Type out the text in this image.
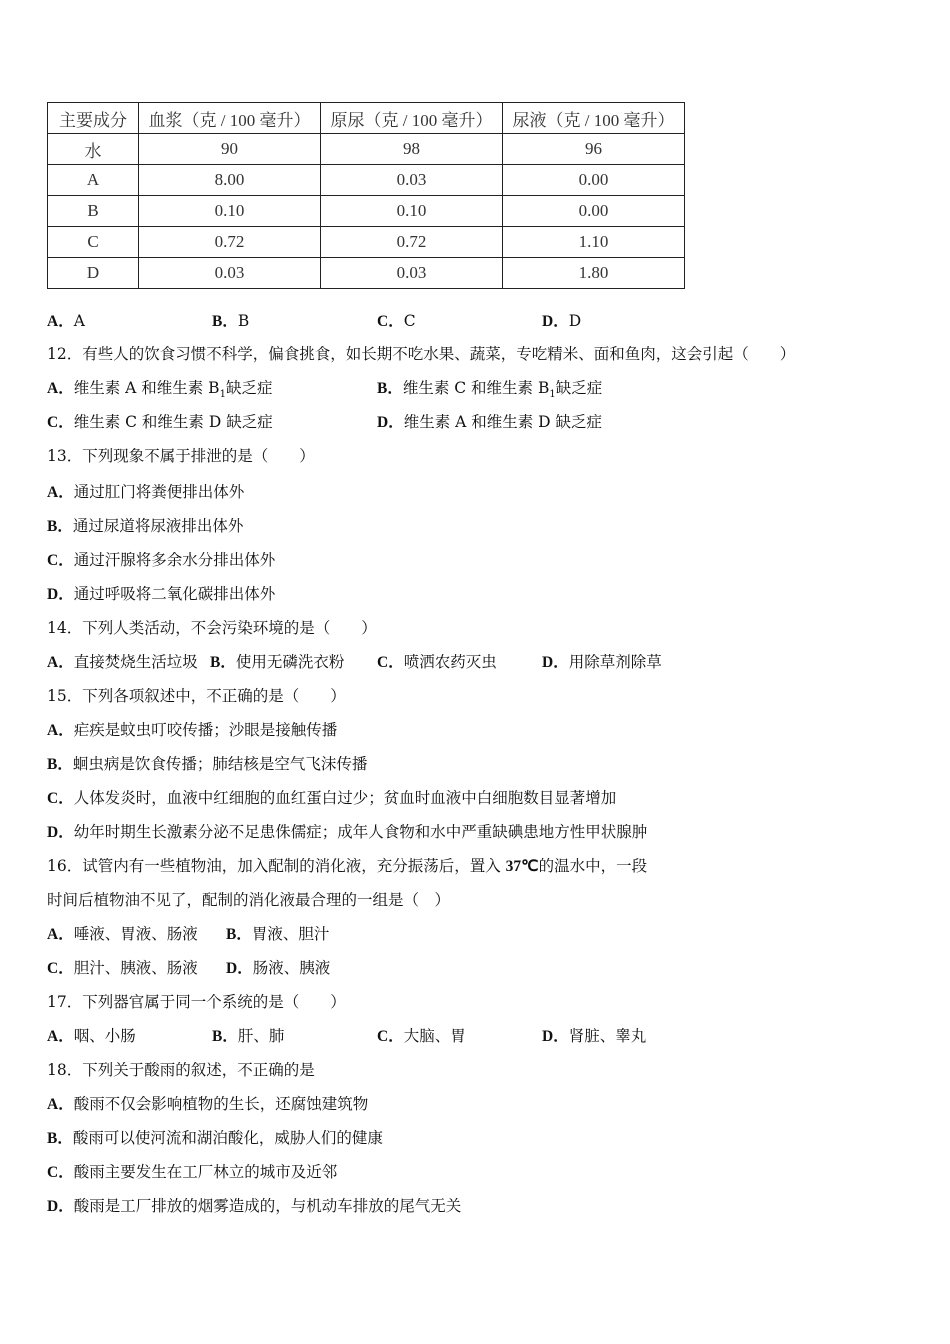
主要成分	血浆（克 / 100 毫升）	原尿（克 / 100 毫升）	尿液（克 / 100 毫升）
水	90	98	96
A	8.00	0.03	0.00
B	0.10	0.10	0.00
C	0.72	0.72	1.10
D	0.03	0.03	1.80
A．A	B．B	C．C	D．D
12．有些人的饮食习惯不科学，偏食挑食，如长期不吃水果、蔬菜，专吃精米、面和鱼肉，这会引起（　　）
A．维生素 A 和维生素 $B_1$缺乏症	B．维生素 C 和维生素 $B_1$缺乏症
C．维生素 C 和维生素 D 缺乏症	D．维生素 A 和维生素 D 缺乏症
13．下列现象不属于排泄的是（　　）
A．通过肛门将粪便排出体外
B．通过尿道将尿液排出体外
C．通过汗腺将多余水分排出体外
D．通过呼吸将二氧化碳排出体外
14．下列人类活动，不会污染环境的是（　　）
A．直接焚烧生活垃圾 B．使用无磷洗衣粉 C．喷洒农药灭虫	D．用除草剂除草
15．下列各项叙述中，不正确的是（　　）
A．疟疾是蚊虫叮咬传播；沙眼是接触传播
B．蛔虫病是饮食传播；肺结核是空气飞沫传播
C．人体发炎时，血液中红细胞的血红蛋白过少；贫血时血液中白细胞数目显著增加
D．幼年时期生长激素分泌不足患侏儒症；成年人食物和水中严重缺碘患地方性甲状腺肿
16．试管内有一些植物油，加入配制的消化液，充分振荡后，置入 37℃的温水中，一段
时间后植物油不见了，配制的消化液最合理的一组是（　）
A．唾液、胃液、肠液 B．胃液、胆汁
C．胆汁、胰液、肠液 D．肠液、胰液
17．下列器官属于同一个系统的是（　　）
A．咽、小肠	B．肝、肺	C．大脑、胃	D．肾脏、睾丸
18．下列关于酸雨的叙述，不正确的是
A．酸雨不仅会影响植物的生长，还腐蚀建筑物
B．酸雨可以使河流和湖泊酸化，威胁人们的健康
C．酸雨主要发生在工厂林立的城市及近邻
D．酸雨是工厂排放的烟雾造成的，与机动车排放的尾气无关
